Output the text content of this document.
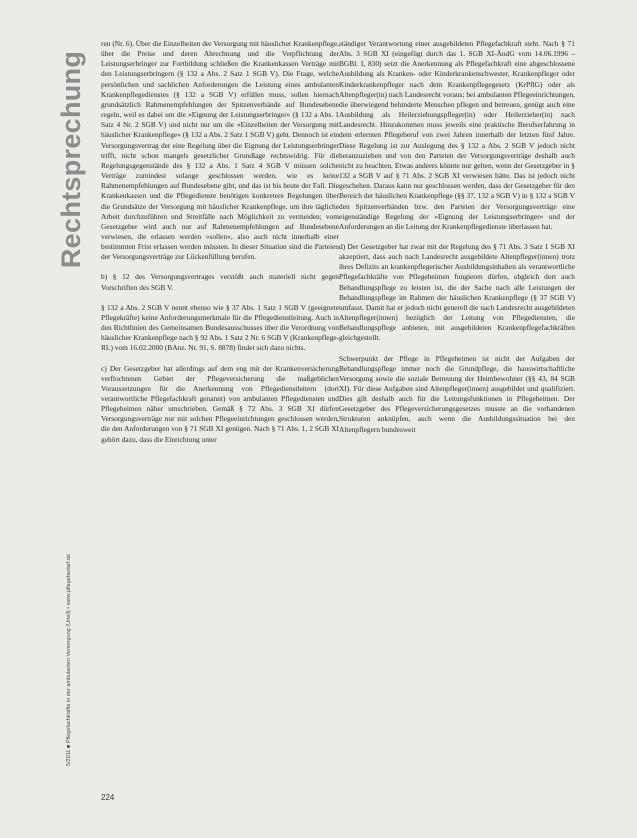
Rechtsprechung
5/2011 ■ Pflegefachkräfte in der ambulanten Versorgung (Urteil) • www.pflegebedarf.de

ren (Nr. 6). Über die Einzelheiten der Versorgung mit häuslicher Krankenpflege, über die Preise und deren Abrechnung und die Verpflichtung der Leistungserbringer zur Fortbildung schließen die Krankenkassen Verträge mit den Leistungserbringern (§ 132 a Abs. 2 Satz 1 SGB V). Die Frage, welche persönlichen und sachlichen Anforderungen die Leistung eines ambulanten Krankenpflegedienstes (§ 132 a SGB V) erfüllen muss, sollen hiernach grundsätzlich Rahmenempfehlungen der Spitzenverbände auf Bundesebene regeln, weil es dabei um die »Eignung der Leistungserbringer« (§ 132 a Abs. 1 Satz 4 Nr. 2 SGB V) und nicht nur um die »Einzelheiten der Versorgung mit häuslicher Krankenpflege« (§ 132 a Abs. 2 Satz 1 SGB V) geht. Dennoch ist ein Versorgungsvertrag der eine Regelung über die Eignung der Leistungserbringer trifft, nicht schon mangels gesetzlicher Grundlage rechtswidrig. Für die Regelungsgegenstände des § 132 a Abs. 1 Satz 4 SGB V müssen solche Verträge zumindest solange geschlossen werden, wie es keine Rahmenempfehlungen auf Bundesebene gibt, und das ist bis heute der Fall. Die Krankenkassen und die Pflegedienste benötigen konkretere Regelungen über die Grundsätze der Versorgung mit häuslicher Krankenpflege, um ihre tägliche Arbeit durchzuführen und Streitfälle nach Möglichkeit zu vermeiden; vom Gesetzgeber wird auch nur auf Rahmenempfehlungen auf Bundesebene verwiesen, die erlassen werden »sollen«, also auch nicht innerhalb einer bestimmten Frist erlassen werden müssten. In dieser Situation sind die Parteien der Versorgungsverträge zur Lückenfüllung berufen.

b) § 12 des Versorgungsvertrages verstößt auch materiell nicht gegen Vorschriften des SGB V.

§ 132 a Abs. 2 SGB V nennt ebenso wie § 37 Abs. 1 Satz 1 SGB V (geeignete Pflegekräfte) keine Anforderungsmerkmale für die Pflegedienstleitung. Auch in den Richtlinien des Gemeinsamen Bundesausschusses über die Verordnung von häuslicher Krankenpflege nach § 92 Abs. 1 Satz 2 Nr. 6 SGB V (Krankenpflege-RL) vom 16.02.2000 (BAnz. Nr. 91, S. 8878) findet sich dazu nichts.

c) Der Gesetzgeber hat allerdings auf dem eng mit der Krankenversicherung verflochtenen Gebiet der Pflegeversicherung die maßgeblichen Voraussetzungen für die Anerkennung von Pflegedienstleitern (dort verantwortliche Pflegefachkraft genannt) von ambulanten Pflegediensten und Pflegeheimen näher umschrieben. Gemäß § 72 Abs. 3 SGB XI dürfen Versorgungsverträge nur mit solchen Pflegeeinrichtungen geschlossen werden, die den Anforderungen von § 71 SGB XI genügen. Nach § 71 Abs. 1, 2 SGB XI gehört dazu, dass die Einrichtung unter

ständiger Verantwortung einer ausgebildeten Pflegefachkraft steht. Nach § 71 Abs. 3 SGB XI (eingefügt durch das 1. SGB XI-ÄndG vom 14.06.1996 – BGBl. I, 830) setzt die Anerkennung als Pflegefachkraft eine abgeschlossene Ausbildung als Kranken- oder Kinderkrankenschwester, Krankenpfleger oder Kinderkrankenpfleger nach dem Krankenpflegegesetz (KrPflG) oder als Altenpfleger(in) nach Landesrecht voraus; bei ambulanten Pflegeeinrichtungen, die überwiegend behinderte Menschen pflegen und betreuen, genügt auch eine Ausbildung als Heilerziehungspfleger(in) oder Heilerzieher(in) nach Landesrecht. Hinzukommen muss jeweils eine praktische Berufserfahrung in dem erlernten Pflegeberuf von zwei Jahren innerhalb der letzten fünf Jahre. Diese Regelung ist zur Auslegung des § 132 a Abs. 2 SGB V jedoch nicht heranzuziehen und von den Parteien der Versorgungsverträge deshalb auch nicht zu beachten. Etwas anderes könnte nur gelten, wenn der Gesetzgeber in § 132 a SGB V auf § 71 Abs. 2 SGB XI verwiesen hätte. Das ist jedoch nicht geschehen. Daraus kann nur geschlossen werden, dass der Gesetzgeber für den Bereich der häuslichen Krankenpflege (§§ 37, 132 a SGB V) in § 132 a SGB V den Spitzenverbänden bzw. den Parteien der Versorgungsverträge eine eigenständige Regelung der »Eignung der Leistungserbringer« und der Anforderungen an die Leitung der Krankenpflegedienste überlassen hat.

d) Der Gesetzgeber hat zwar mit der Regelung des § 71 Abs. 3 Satz 1 SGB XI akzeptiert, dass auch nach Landesrecht ausgebildete Altenpfleger(innen) trotz ihres Defizits an krankenpflegerischer Ausbildungsinhalten als verantwortliche Pflegefachkräfte von Pflegeheimen fungieren dürfen, obgleich dort auch Behandlungspflege zu leisten ist, die der Sache nach alle Leistungen der Behandlungspflege im Rahmen der häuslichen Krankenpflege (§ 37 SGB V) umfasst. Damit hat er jedoch nicht generell die nach Landesrecht ausgebildeten Altenpfleger(innen) bezüglich der Leitung von Pflegediensten, die Behandlungspflege anbieten, mit ausgebildeten Krankenpflegefachkräften gleichgestellt.

Schwerpunkt der Pflege in Pflegeheimen ist nicht der Aufgaben der Behandlungspflege immer noch die Grundpflege, die hauswirtschaftliche Versorgung sowie die soziale Betreuung der Heimbewohner (§§ 43, 84 SGB XI). Für diese Aufgaben sind Altenpfleger(innen) ausgebildet und qualifiziert. Dies gilt deshalb auch für die Leitungsfunktionen in Pflegeheimen. Der Gesetzgeber des Pflegeversicherungsgesetzes musste an die vorhandenen Strukturen anknüpfen, auch wenn die Ausbildungssituation bei den Altenpflegern bundesweit

224
